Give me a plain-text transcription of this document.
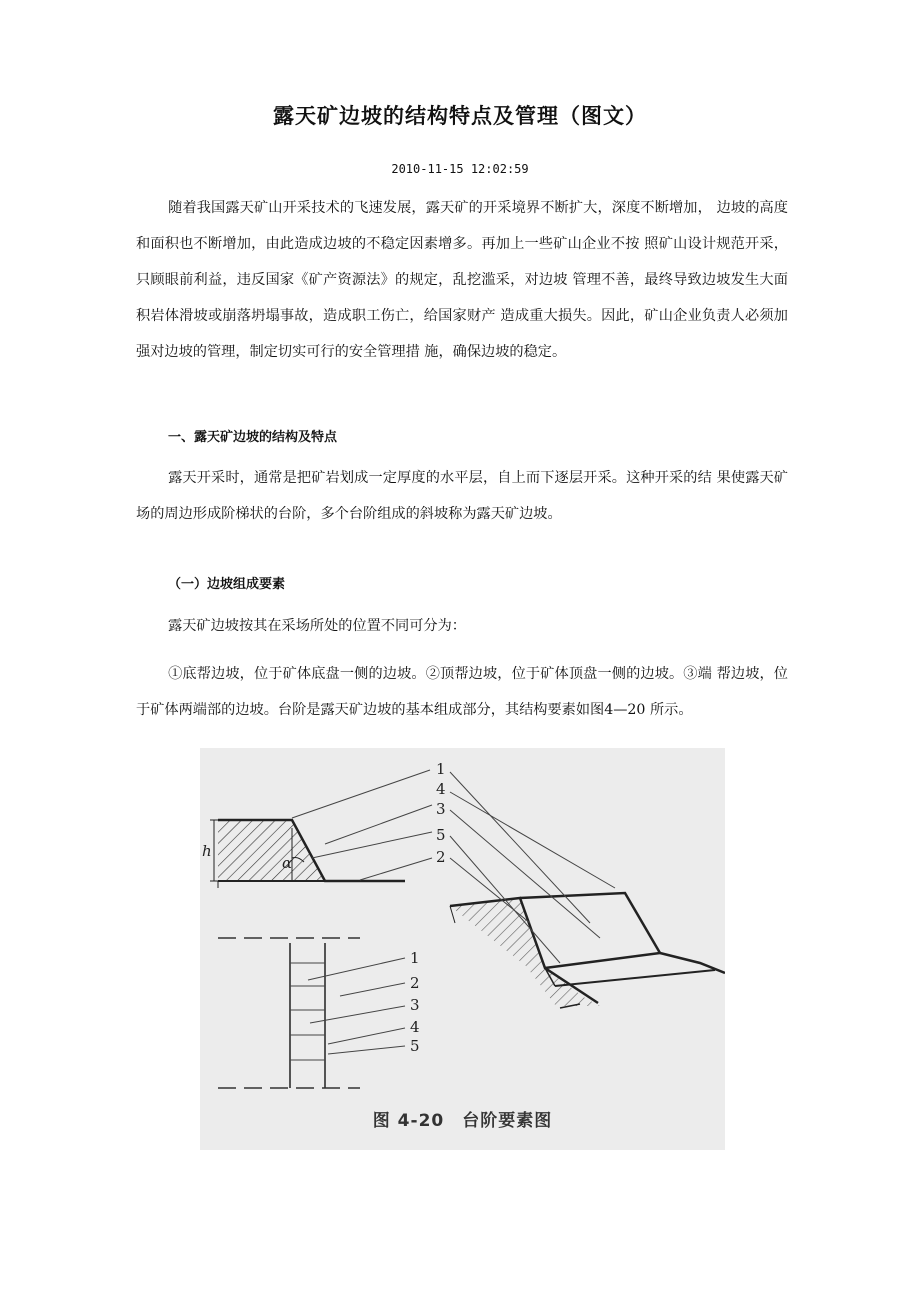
露天矿边坡的结构特点及管理（图文）
2010-11-15 12:02:59
随着我国露天矿山开采技术的飞速发展，露天矿的开采境界不断扩大，深度不断增加， 边坡的高度和面积也不断增加，由此造成边坡的不稳定因素增多。再加上一些矿山企业不按 照矿山设计规范开采，只顾眼前利益，违反国家《矿产资源法》的规定，乱挖滥采，对边坡 管理不善，最终导致边坡发生大面积岩体滑坡或崩落坍塌事故，造成职工伤亡，给国家财产 造成重大损失。因此，矿山企业负责人必须加强对边坡的管理，制定切实可行的安全管理措 施，确保边坡的稳定。
一、露天矿边坡的结构及特点
露天开采时，通常是把矿岩划成一定厚度的水平层，自上而下逐层开采。这种开采的结 果使露天矿场的周边形成阶梯状的台阶，多个台阶组成的斜坡称为露天矿边坡。
（一）边坡组成要素
露天矿边坡按其在采场所处的位置不同可分为：
①底帮边坡，位于矿体底盘一侧的边坡。②顶帮边坡，位于矿体顶盘一侧的边坡。③端 帮边坡，位于矿体两端部的边坡。台阶是露天矿边坡的基本组成部分，其结构要素如图4—20 所示。
h
α
1
4
3
5
2
1
2
3
4
5
图 4-20　台阶要素图
